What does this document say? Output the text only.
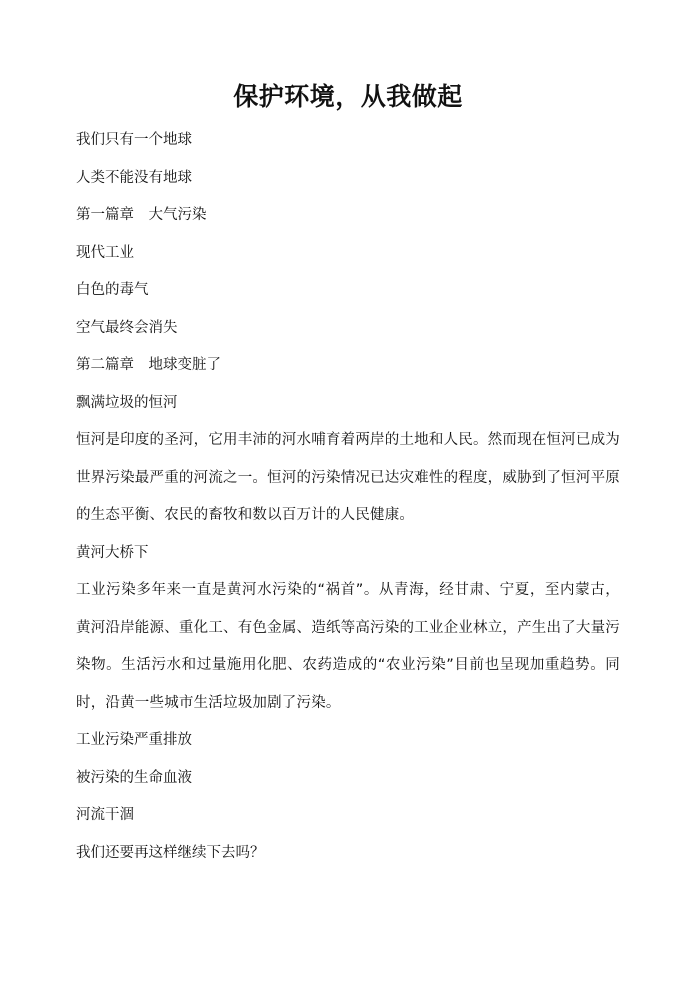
保护环境，从我做起
我们只有一个地球
人类不能没有地球
第一篇章　大气污染
现代工业
白色的毒气
空气最终会消失
第二篇章　地球变脏了
飘满垃圾的恒河
恒河是印度的圣河，它用丰沛的河水哺育着两岸的土地和人民。然而现在恒河已成为世界污染最严重的河流之一。恒河的污染情况已达灾难性的程度，威胁到了恒河平原的生态平衡、农民的畜牧和数以百万计的人民健康。
黄河大桥下
工业污染多年来一直是黄河水污染的“祸首”。从青海，经甘肃、宁夏，至内蒙古，黄河沿岸能源、重化工、有色金属、造纸等高污染的工业企业林立，产生出了大量污染物。生活污水和过量施用化肥、农药造成的“农业污染”目前也呈现加重趋势。同时，沿黄一些城市生活垃圾加剧了污染。
工业污染严重排放
被污染的生命血液
河流干涸
我们还要再这样继续下去吗？
